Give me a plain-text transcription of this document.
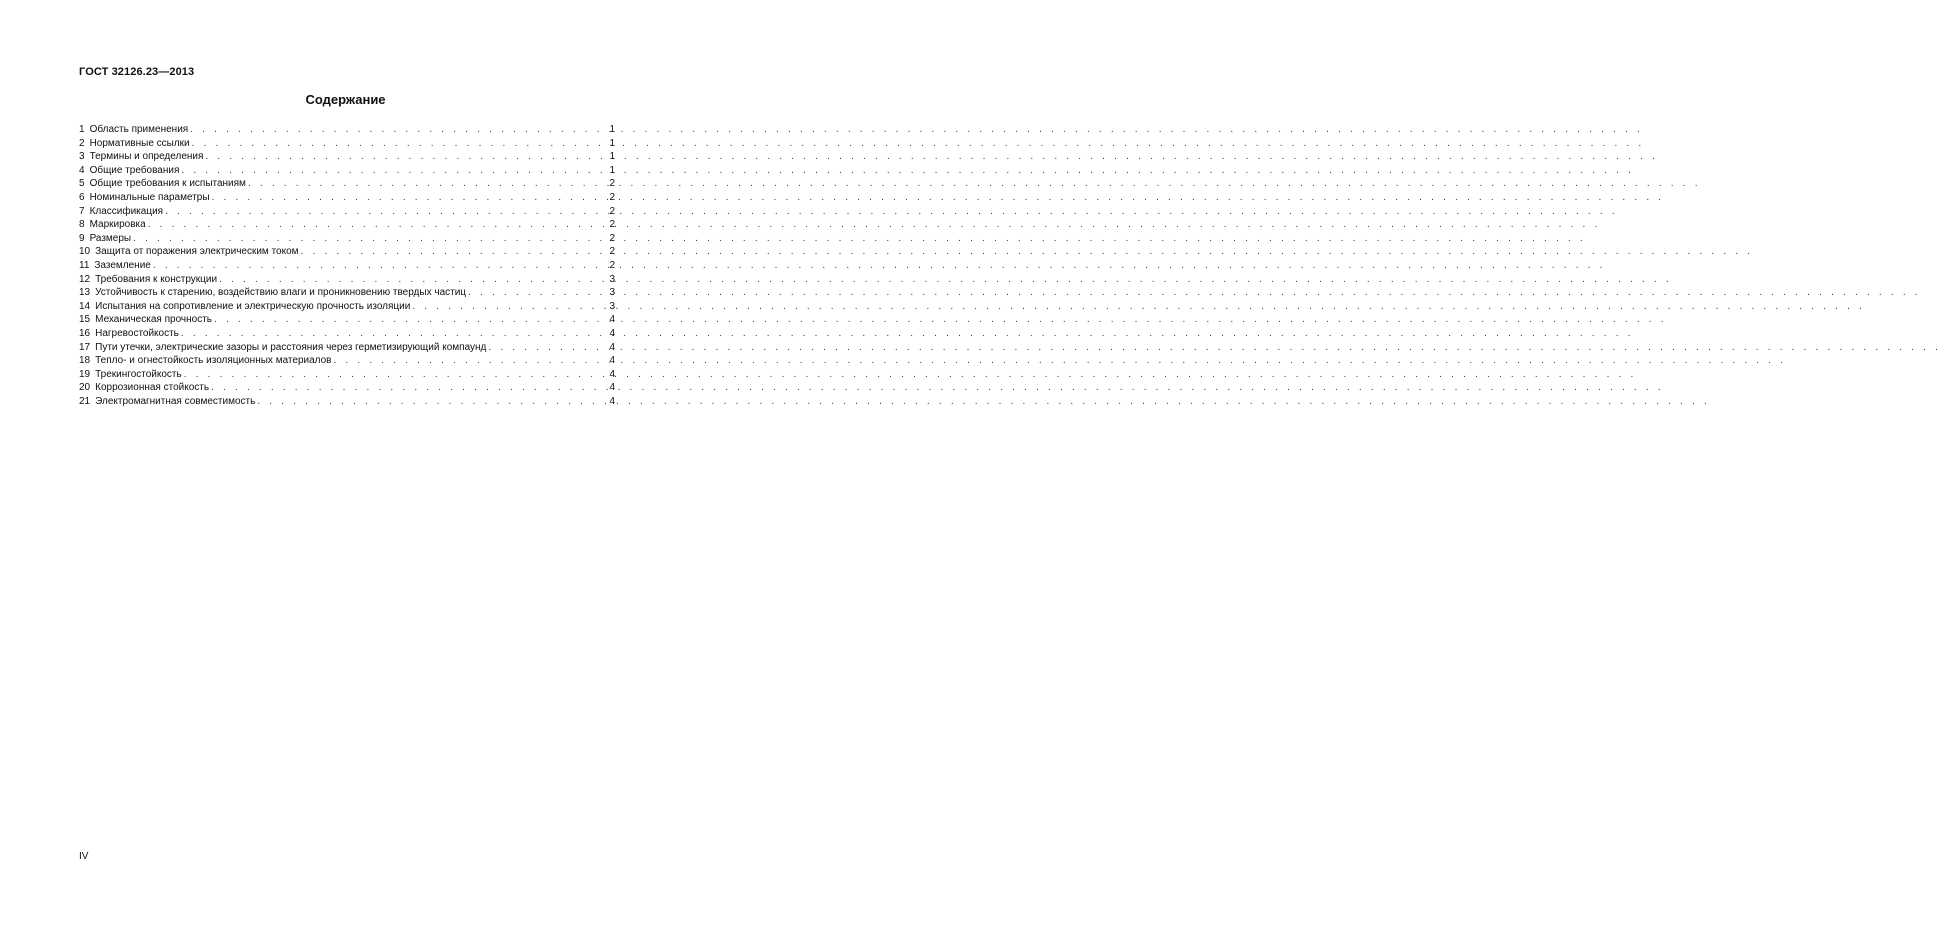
ГОСТ 32126.23—2013
Содержание
1 Область применения . . .	1
2 Нормативные ссылки . . .	1
3 Термины и определения . . .	1
4 Общие требования . . .	1
5 Общие требования к испытаниям . . .	2
6 Номинальные параметры . . .	2
7 Классификация . . .	2
8 Маркировка . . .	2
9 Размеры . . .	2
10 Защита от поражения электрическим током . . .	2
11 Заземление . . .	2
12 Требования к конструкции . . .	3
13 Устойчивость к старению, воздействию влаги и проникновению твердых частиц . . .	3
14 Испытания на сопротивление и электрическую прочность изоляции . . .	3
15 Механическая прочность . . .	4
16 Нагревостойкость . . .	4
17 Пути утечки, электрические зазоры и расстояния через герметизирующий компаунд . . .	4
18 Тепло- и огнестойкость изоляционных материалов . . .	4
19 Трекингостойкость . . .	4
20 Коррозионная стойкость . . .	4
21 Электромагнитная совместимость . . .	4
IV
